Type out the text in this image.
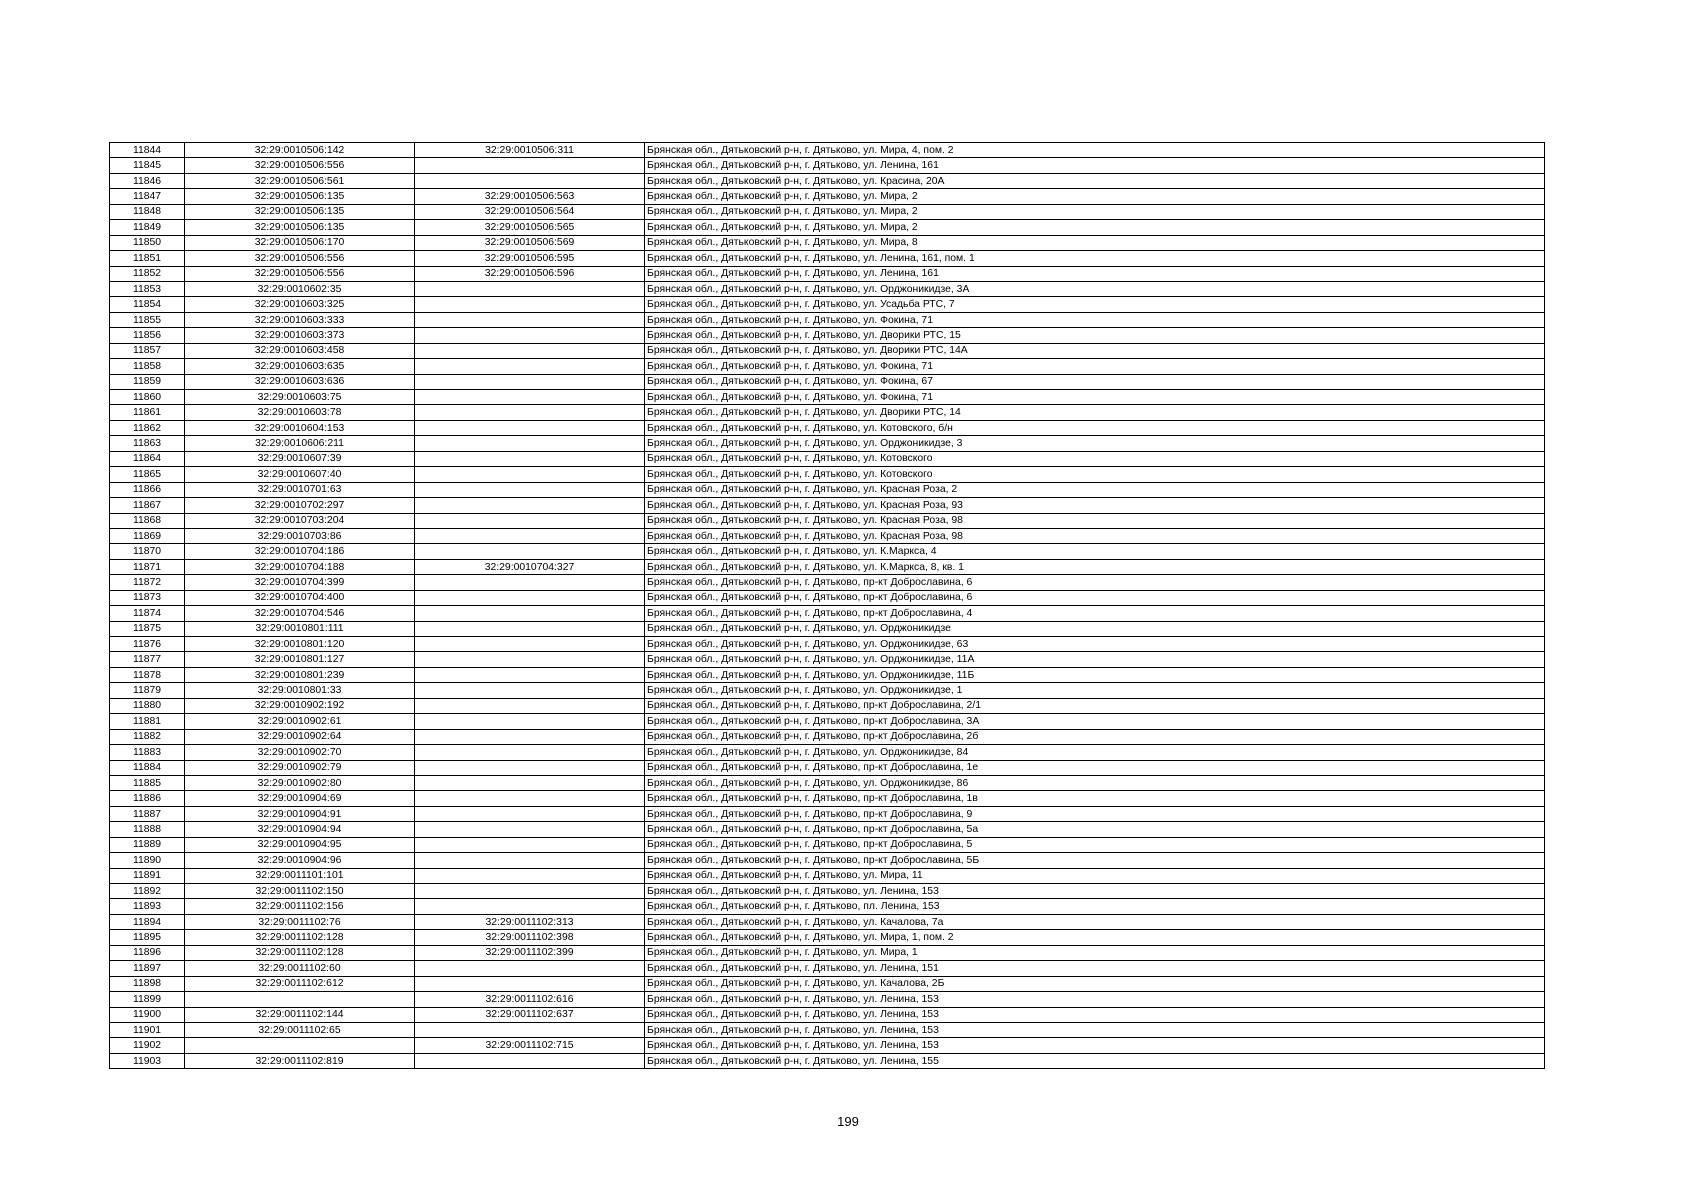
11844	32:29:0010506:142	32:29:0010506:311	Брянская обл., Дятьковский р-н, г. Дятьково, ул. Мира, 4, пом. 2
11845	32:29:0010506:556		Брянская обл., Дятьковский р-н, г. Дятьково, ул. Ленина, 161
11846	32:29:0010506:561		Брянская обл., Дятьковский р-н, г. Дятьково, ул. Красина, 20А
11847	32:29:0010506:135	32:29:0010506:563	Брянская обл., Дятьковский р-н, г. Дятьково, ул. Мира, 2
11848	32:29:0010506:135	32:29:0010506:564	Брянская обл., Дятьковский р-н, г. Дятьково, ул. Мира, 2
11849	32:29:0010506:135	32:29:0010506:565	Брянская обл., Дятьковский р-н, г. Дятьково, ул. Мира, 2
11850	32:29:0010506:170	32:29:0010506:569	Брянская обл., Дятьковский р-н, г. Дятьково, ул. Мира, 8
11851	32:29:0010506:556	32:29:0010506:595	Брянская обл., Дятьковский р-н, г. Дятьково, ул. Ленина, 161, пом. 1
11852	32:29:0010506:556	32:29:0010506:596	Брянская обл., Дятьковский р-н, г. Дятьково, ул. Ленина, 161
11853	32:29:0010602:35		Брянская обл., Дятьковский р-н, г. Дятьково, ул. Орджоникидзе, 3А
11854	32:29:0010603:325		Брянская обл., Дятьковский р-н, г. Дятьково, ул. Усадьба РТС, 7
11855	32:29:0010603:333		Брянская обл., Дятьковский р-н, г. Дятьково, ул. Фокина, 71
11856	32:29:0010603:373		Брянская обл., Дятьковский р-н, г. Дятьково, ул. Дворики РТС, 15
11857	32:29:0010603:458		Брянская обл., Дятьковский р-н, г. Дятьково, ул. Дворики РТС, 14А
11858	32:29:0010603:635		Брянская обл., Дятьковский р-н, г. Дятьково, ул. Фокина, 71
11859	32:29:0010603:636		Брянская обл., Дятьковский р-н, г. Дятьково, ул. Фокина, 67
11860	32:29:0010603:75		Брянская обл., Дятьковский р-н, г. Дятьково, ул. Фокина, 71
11861	32:29:0010603:78		Брянская обл., Дятьковский р-н, г. Дятьково, ул. Дворики РТС, 14
11862	32:29:0010604:153		Брянская обл., Дятьковский р-н, г. Дятьково, ул. Котовского, б/н
11863	32:29:0010606:211		Брянская обл., Дятьковский р-н, г. Дятьково, ул. Орджоникидзе, 3
11864	32:29:0010607:39		Брянская обл., Дятьковский р-н, г. Дятьково, ул. Котовского
11865	32:29:0010607:40		Брянская обл., Дятьковский р-н, г. Дятьково, ул. Котовского
11866	32:29:0010701:63		Брянская обл., Дятьковский р-н, г. Дятьково, ул. Красная Роза, 2
11867	32:29:0010702:297		Брянская обл., Дятьковский р-н, г. Дятьково, ул. Красная Роза, 93
11868	32:29:0010703:204		Брянская обл., Дятьковский р-н, г. Дятьково, ул. Красная Роза, 98
11869	32:29:0010703:86		Брянская обл., Дятьковский р-н, г. Дятьково, ул. Красная Роза, 98
11870	32:29:0010704:186		Брянская обл., Дятьковский р-н, г. Дятьково, ул. К.Маркса, 4
11871	32:29:0010704:188	32:29:0010704:327	Брянская обл., Дятьковский р-н, г. Дятьково, ул. К.Маркса, 8, кв. 1
11872	32:29:0010704:399		Брянская обл., Дятьковский р-н, г. Дятьково, пр-кт Доброславина, 6
11873	32:29:0010704:400		Брянская обл., Дятьковский р-н, г. Дятьково, пр-кт Доброславина, 6
11874	32:29:0010704:546		Брянская обл., Дятьковский р-н, г. Дятьково, пр-кт Доброславина, 4
11875	32:29:0010801:111		Брянская обл., Дятьковский р-н, г. Дятьково, ул. Орджоникидзе
11876	32:29:0010801:120		Брянская обл., Дятьковский р-н, г. Дятьково, ул. Орджоникидзе, 63
11877	32:29:0010801:127		Брянская обл., Дятьковский р-н, г. Дятьково, ул. Орджоникидзе, 11А
11878	32:29:0010801:239		Брянская обл., Дятьковский р-н, г. Дятьково, ул. Орджоникидзе, 11Б
11879	32:29:0010801:33		Брянская обл., Дятьковский р-н, г. Дятьково, ул. Орджоникидзе, 1
11880	32:29:0010902:192		Брянская обл., Дятьковский р-н, г. Дятьково, пр-кт Доброславина, 2/1
11881	32:29:0010902:61		Брянская обл., Дятьковский р-н, г. Дятьково, пр-кт Доброславина, 3А
11882	32:29:0010902:64		Брянская обл., Дятьковский р-н, г. Дятьково, пр-кт Доброславина, 2б
11883	32:29:0010902:70		Брянская обл., Дятьковский р-н, г. Дятьково, ул. Орджоникидзе, 84
11884	32:29:0010902:79		Брянская обл., Дятьковский р-н, г. Дятьково, пр-кт Доброславина, 1е
11885	32:29:0010902:80		Брянская обл., Дятьковский р-н, г. Дятьково, ул. Орджоникидзе, 86
11886	32:29:0010904:69		Брянская обл., Дятьковский р-н, г. Дятьково, пр-кт Доброславина, 1в
11887	32:29:0010904:91		Брянская обл., Дятьковский р-н, г. Дятьково, пр-кт Доброславина, 9
11888	32:29:0010904:94		Брянская обл., Дятьковский р-н, г. Дятьково, пр-кт Доброславина, 5а
11889	32:29:0010904:95		Брянская обл., Дятьковский р-н, г. Дятьково, пр-кт Доброславина, 5
11890	32:29:0010904:96		Брянская обл., Дятьковский р-н, г. Дятьково, пр-кт Доброславина, 5Б
11891	32:29:0011101:101		Брянская обл., Дятьковский р-н, г. Дятьково, ул. Мира, 11
11892	32:29:0011102:150		Брянская обл., Дятьковский р-н, г. Дятьково, ул. Ленина, 153
11893	32:29:0011102:156		Брянская обл., Дятьковский р-н, г. Дятьково, пл. Ленина, 153
11894	32:29:0011102:76	32:29:0011102:313	Брянская обл., Дятьковский р-н, г. Дятьково, ул. Качалова, 7а
11895	32:29:0011102:128	32:29:0011102:398	Брянская обл., Дятьковский р-н, г. Дятьково, ул. Мира, 1, пом. 2
11896	32:29:0011102:128	32:29:0011102:399	Брянская обл., Дятьковский р-н, г. Дятьково, ул. Мира, 1
11897	32:29:0011102:60		Брянская обл., Дятьковский р-н, г. Дятьково, ул. Ленина, 151
11898	32:29:0011102:612		Брянская обл., Дятьковский р-н, г. Дятьково, ул. Качалова, 2Б
11899		32:29:0011102:616	Брянская обл., Дятьковский р-н, г. Дятьково, ул. Ленина, 153
11900	32:29:0011102:144	32:29:0011102:637	Брянская обл., Дятьковский р-н, г. Дятьково, ул. Ленина, 153
11901	32:29:0011102:65		Брянская обл., Дятьковский р-н, г. Дятьково, ул. Ленина, 153
11902		32:29:0011102:715	Брянская обл., Дятьковский р-н, г. Дятьково, ул. Ленина, 153
11903	32:29:0011102:819		Брянская обл., Дятьковский р-н, г. Дятьково, ул. Ленина, 155
199
